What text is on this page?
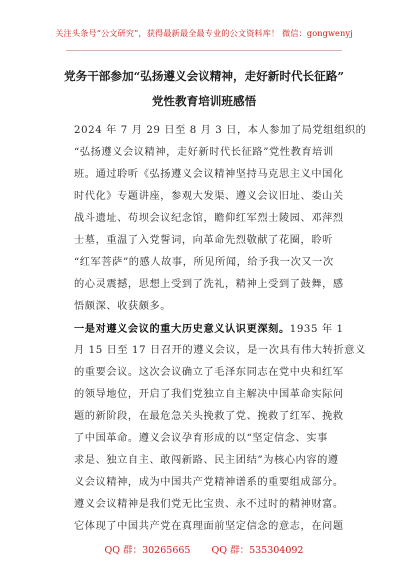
关注头条号“公文研究”，获得最新最全最专业的公文资料库！ 微信：gongwenyj
党务干部参加“弘扬遵义会议精神，走好新时代长征路”
党性教育培训班感悟
2024 年 7 月 29 日至 8 月 3 日，本人参加了局党组组织的
“弘扬遵义会议精神，走好新时代长征路”党性教育培训
班。通过聆听《弘扬遵义会议精神坚持马克思主义中国化
时代化》专题讲座，参观大发渠、遵义会议旧址、娄山关
战斗遗址、苟坝会议纪念馆，瞻仰红军烈士陵园、邓萍烈
士墓，重温了入党誓词，向革命先烈敬献了花圈，聆听
“红军菩萨”的感人故事，所见所闻，给予我一次又一次
的心灵震撼，思想上受到了洗礼，精神上受到了鼓舞，感
悟颇深、收获颇多。
一是对遵义会议的重大历史意义认识更深刻。1935 年 1
月 15 日至 17 日召开的遵义会议，是一次具有伟大转折意义
的重要会议。这次会议确立了毛泽东同志在党中央和红军
的领导地位，开启了我们党独立自主解决中国革命实际问
题的新阶段，在最危急关头挽救了党、挽救了红军、挽救
了中国革命。遵义会议孕育形成的以“坚定信念、实事
求是、独立自主、敢闯新路、民主团结”为核心内容的遵
义会议精神，成为中国共产党精神谱系的重要组成部分。
遵义会议精神是我们党无比宝贵、永不过时的精神财富。
它体现了中国共产党在真理面前坚定信念的意志，在问题
QQ 群：30265665 QQ 群：535304092
